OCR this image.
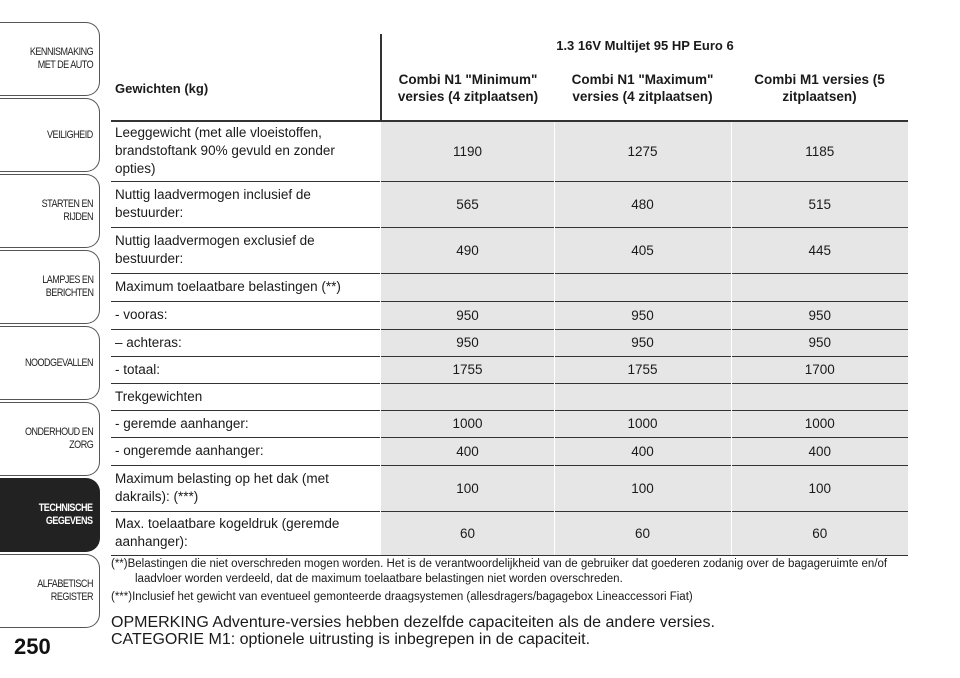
KENNISMAKING
MET DE AUTO
VEILIGHEID
STARTEN EN RIJDEN
LAMPJES EN
BERICHTEN
NOODGEVALLEN
ONDERHOUD EN
ZORG
TECHNISCHE
GEGEVENS
ALFABETISCH
REGISTER
250
Gewichten (kg)	1.3 16V Multijet 95 HP Euro 6		
	Combi N1 "Minimum" versies (4 zitplaatsen)	Combi N1 "Maximum" versies (4 zitplaatsen)	Combi M1 versies (5 zitplaatsen)
Leeggewicht (met alle vloeistoffen, brandstoftank 90% gevuld en zonder opties)	1190	1275	1185
Nuttig laadvermogen inclusief de bestuurder:	565	480	515
Nuttig laadvermogen exclusief de bestuurder:	490	405	445
Maximum toelaatbare belastingen (**)			
- vooras:	950	950	950
– achteras:	950	950	950
- totaal:	1755	1755	1700
Trekgewichten			
- geremde aanhanger:	1000	1000	1000
- ongeremde aanhanger:	400	400	400
Maximum belasting op het dak (met dakrails): (***)	100	100	100
Max. toelaatbare kogeldruk (geremde aanhanger):	60	60	60

(**)Belastingen die niet overschreden mogen worden. Het is de verantwoordelijkheid van de gebruiker dat goederen zodanig over de bagageruimte en/of laadvloer worden verdeeld, dat de maximum toelaatbare belastingen niet worden overschreden.

(***)Inclusief het gewicht van eventueel gemonteerde draagsystemen (allesdragers/bagagebox Lineaccessori Fiat)

OPMERKING Adventure-versies hebben dezelfde capaciteiten als de andere versies.

CATEGORIE M1: optionele uitrusting is inbegrepen in de capaciteit.
